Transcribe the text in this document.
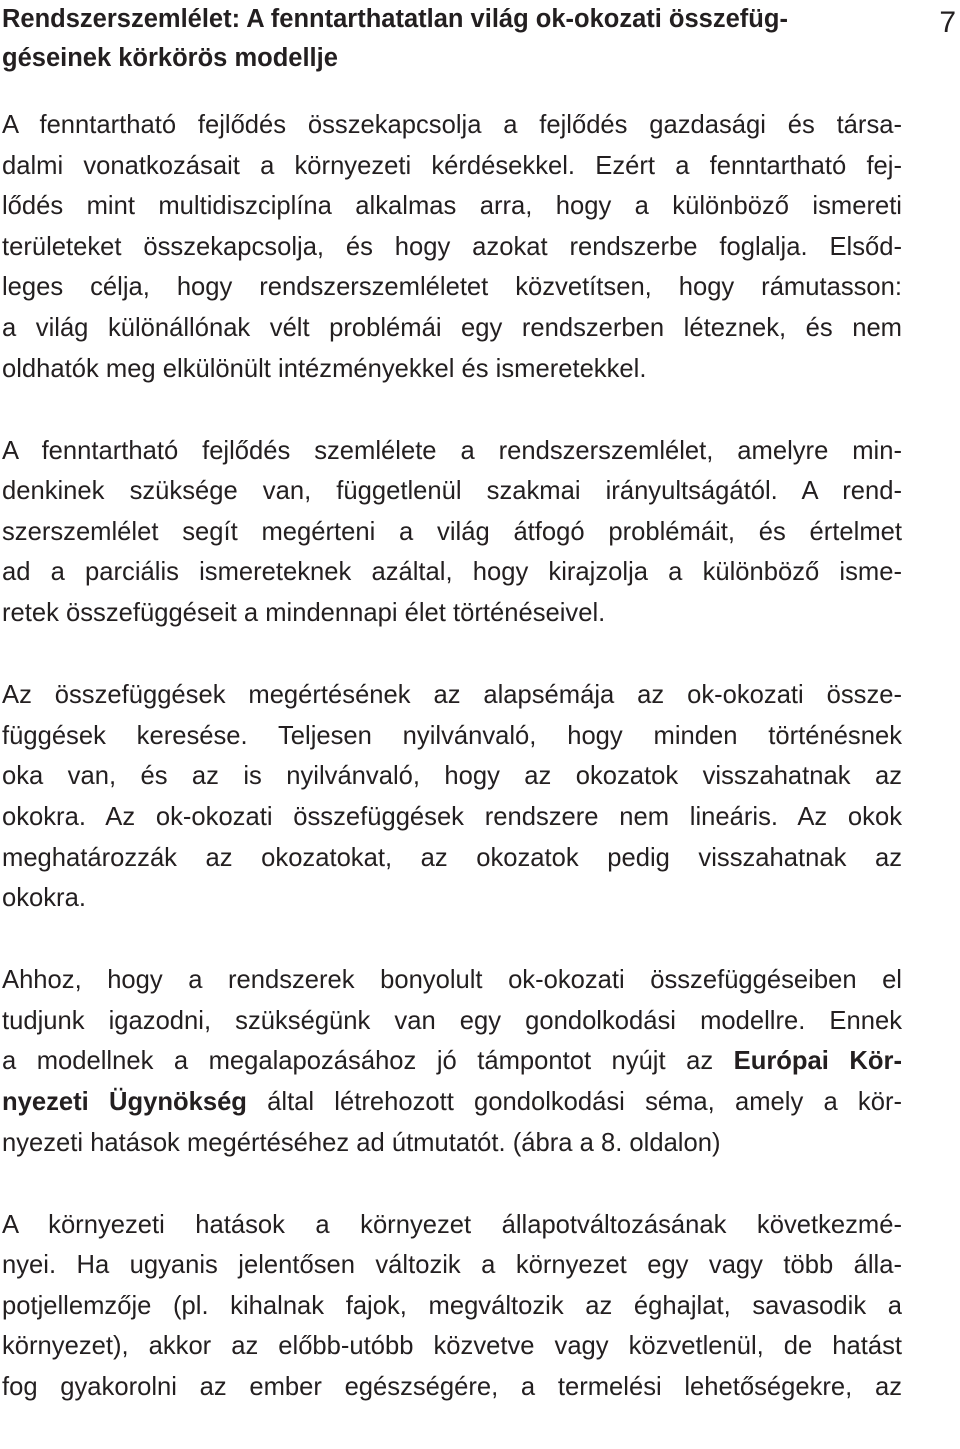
7
Rendszerszemlélet: A fenntarthatatlan világ ok-okozati összefüg-
géseinek körkörös modellje

A fenntartható fejlődés összekapcsolja a fejlődés gazdasági és társa-
dalmi vonatkozásait a környezeti kérdésekkel. Ezért a fenntartható fej-
lődés mint multidiszciplína alkalmas arra, hogy a különböző ismereti
területeket összekapcsolja, és hogy azokat rendszerbe foglalja. Elsőd-
leges célja, hogy rendszerszemléletet közvetítsen, hogy rámutasson:
a világ különállónak vélt problémái egy rendszerben léteznek, és nem
oldhatók meg elkülönült intézményekkel és ismeretekkel.

A fenntartható fejlődés szemlélete a rendszerszemlélet, amelyre min-
denkinek szüksége van, függetlenül szakmai irányultságától. A rend-
szerszemlélet segít megérteni a világ átfogó problémáit, és értelmet
ad a parciális ismereteknek azáltal, hogy kirajzolja a különböző isme-
retek összefüggéseit a mindennapi élet történéseivel.

Az összefüggések megértésének az alapsémája az ok-okozati össze-
függések keresése. Teljesen nyilvánvaló, hogy minden történésnek
oka van, és az is nyilvánvaló, hogy az okozatok visszahatnak az
okokra. Az ok-okozati összefüggések rendszere nem lineáris. Az okok
meghatározzák az okozatokat, az okozatok pedig visszahatnak az
okokra.

Ahhoz, hogy a rendszerek bonyolult ok-okozati összefüggéseiben el
tudjunk igazodni, szükségünk van egy gondolkodási modellre. Ennek
a modellnek a megalapozásához jó támpontot nyújt az Európai Kör-
nyezeti Ügynökség által létrehozott gondolkodási séma, amely a kör-
nyezeti hatások megértéséhez ad útmutatót. (ábra a 8. oldalon)

A környezeti hatások a környezet állapotváltozásának következmé-
nyei. Ha ugyanis jelentősen változik a környezet egy vagy több álla-
potjellemzője (pl. kihalnak fajok, megváltozik az éghajlat, savasodik a
környezet), akkor az előbb-utóbb közvetve vagy közvetlenül, de hatást
fog gyakorolni az ember egészségére, a termelési lehetőségekre, az
